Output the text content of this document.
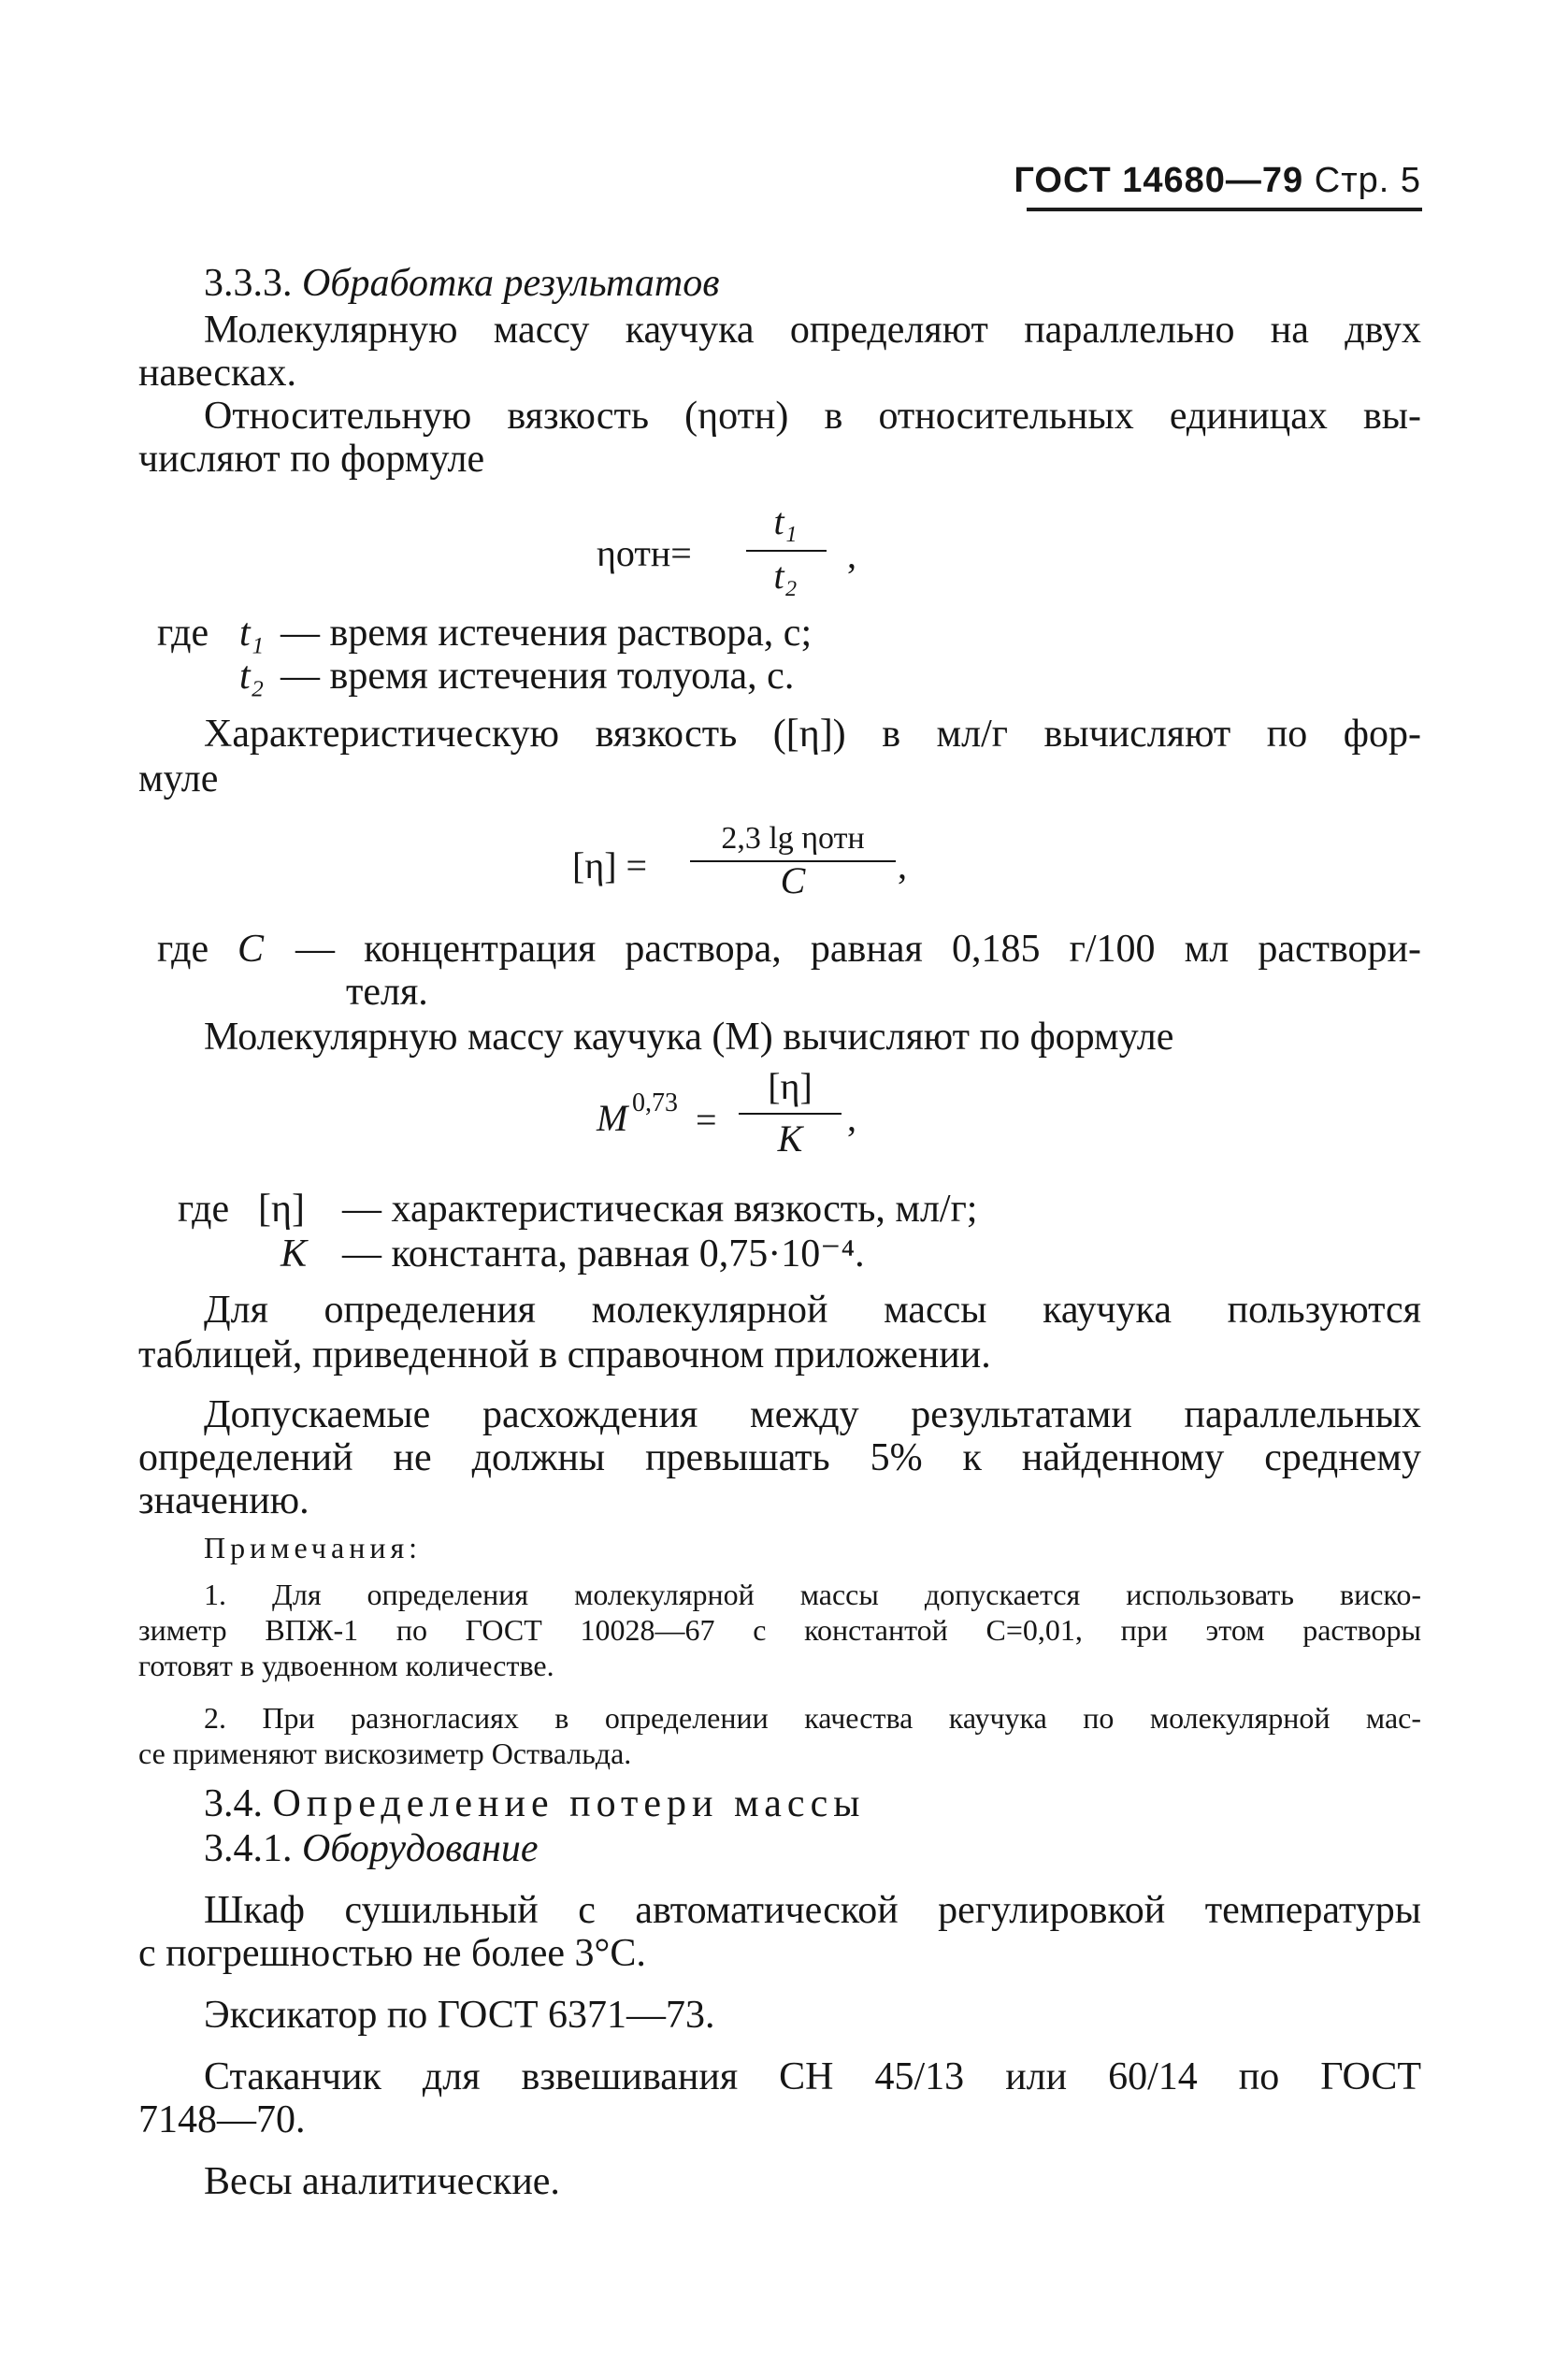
ГОСТ 14680—79 Стр. 5
3.3.3. Обработка результатов
Молекулярную массу каучука определяют параллельно на двух
навесках.
Относительную вязкость (ηотн) в относительных единицах вы-
числяют по формуле
ηотн=
t₁
t₂	,
где t₁ — время истечения раствора, с;
t₂ — время истечения толуола, с.
Характеристическую вязкость ([η]) в мл/г вычисляют по фор-
муле
[η] =
2,3 lg ηотн
C	,
где C — концентрация раствора, равная 0,185 г/100 мл раствори-
теля.
Молекулярную массу каучука (M) вычисляют по формуле
M 0,73 =
[η]
K	,
где [η] — характеристическая вязкость, мл/г;
K — константа, равная 0,75·10⁻⁴.
Для определения молекулярной массы каучука пользуются
таблицей, приведенной в справочном приложении.
Допускаемые расхождения между результатами параллельных
определений не должны превышать 5% к найденному среднему
значению.
Примечания:
1. Для определения молекулярной массы допускается использовать виско-
зиметр ВПЖ-1 по ГОСТ 10028—67 с константой C=0,01, при этом растворы
готовят в удвоенном количестве.
2. При разногласиях в определении качества каучука по молекулярной мас-
се применяют вискозиметр Оствальда.
3.4. Определение потери массы
3.4.1. Оборудование
Шкаф сушильный с автоматической регулировкой температуры
с погрешностью не более 3°C.
Эксикатор по ГОСТ 6371—73.
Стаканчик для взвешивания СН 45/13 или 60/14 по ГОСТ
7148—70.
Весы аналитические.
